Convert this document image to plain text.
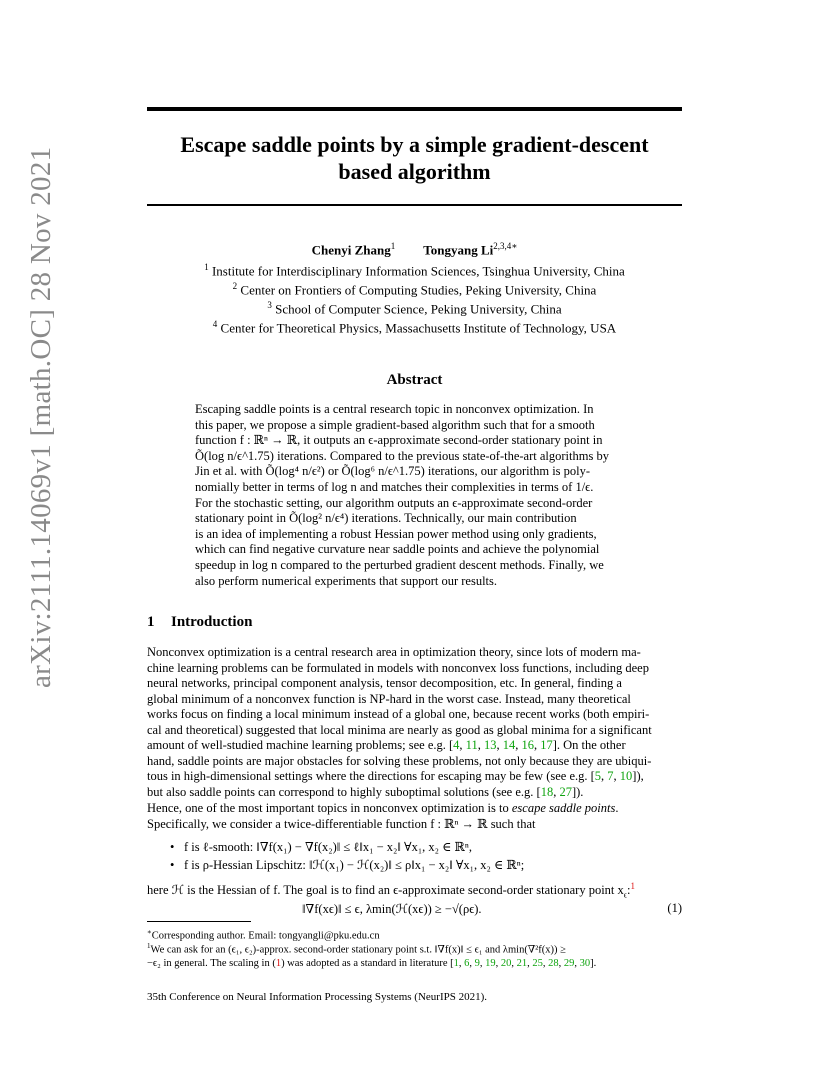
arXiv:2111.14069v1 [math.OC] 28 Nov 2021
Escape saddle points by a simple gradient-descent
based algorithm
Chenyi Zhang$^1$ Tongyang $Li^{2,3,4∗}$
$^1$ Institute for Interdisciplinary Information Sciences, Tsinghua University, China
$^2$ Center on Frontiers of Computing Studies, Peking University, China
$^3$ School of Computer Science, Peking University, China
$^4$ Center for Theoretical Physics, Massachusetts Institute of Technology, USA
Abstract
Escaping saddle points is a central research topic in nonconvex optimization. In
this paper, we propose a simple gradient-based algorithm such that for a smooth
function f : ℝⁿ → ℝ, it outputs an ϵ-approximate second-order stationary point in
Õ(log n/ϵ^1.75) iterations. Compared to the previous state-of-the-art algorithms by
Jin et al. with Õ(log⁴ n/ϵ²) or Õ(log⁶ n/ϵ^1.75) iterations, our algorithm is poly-
nomially better in terms of log n and matches their complexities in terms of 1/ϵ.
For the stochastic setting, our algorithm outputs an ϵ-approximate second-order
stationary point in Õ(log² n/ϵ⁴) iterations. Technically, our main contribution
is an idea of implementing a robust Hessian power method using only gradients,
which can find negative curvature near saddle points and achieve the polynomial
speedup in log n compared to the perturbed gradient descent methods. Finally, we
also perform numerical experiments that support our results.
1 Introduction
Nonconvex optimization is a central research area in optimization theory, since lots of modern ma-
chine learning problems can be formulated in models with nonconvex loss functions, including deep
neural networks, principal component analysis, tensor decomposition, etc. In general, finding a
global minimum of a nonconvex function is NP-hard in the worst case. Instead, many theoretical
works focus on finding a local minimum instead of a global one, because recent works (both empiri-
cal and theoretical) suggested that local minima are nearly as good as global minima for a significant
amount of well-studied machine learning problems; see e.g. [4, 11, 13, 14, 16, 17]. On the other
hand, saddle points are major obstacles for solving these problems, not only because they are ubiqui-
tous in high-dimensional settings where the directions for escaping may be few (see e.g. [5, 7, 10]),
but also saddle points can correspond to highly suboptimal solutions (see e.g. [18, 27]).
Hence, one of the most important topics in nonconvex optimization is to escape saddle points.
Specifically, we consider a twice-differentiable function f : ℝⁿ → ℝ such that
• f is ℓ-smooth: ‖∇f(x₁) − ∇f(x₂)‖ ≤ ℓ‖x₁ − x₂‖ ∀x₁, x₂ ∈ ℝⁿ,
• f is ρ-Hessian Lipschitz: ‖ℋ(x₁) − ℋ(x₂)‖ ≤ ρ‖x₁ − x₂‖ ∀x₁, x₂ ∈ ℝⁿ;
here ℋ is the Hessian of f. The goal is to find an ϵ-approximate second-order stationary point $x_\epsilon:^1$
‖∇f(xϵ)‖ ≤ ϵ, λmin(ℋ(xϵ)) ≥ −√(ρϵ).	(1)
∗Corresponding author. Email: tongyangli@pku.edu.cn
$^1$We can ask for an (ϵ₁, ϵ₂)-approx. second-order stationary point s.t. ‖∇f(x)‖ ≤ ϵ₁ and λmin(∇²f(x)) ≥
−ϵ₂ in general. The scaling in (1) was adopted as a standard in literature [1, 6, 9, 19, 20, 21, 25, 28, 29, 30].
35th Conference on Neural Information Processing Systems (NeurIPS 2021).
